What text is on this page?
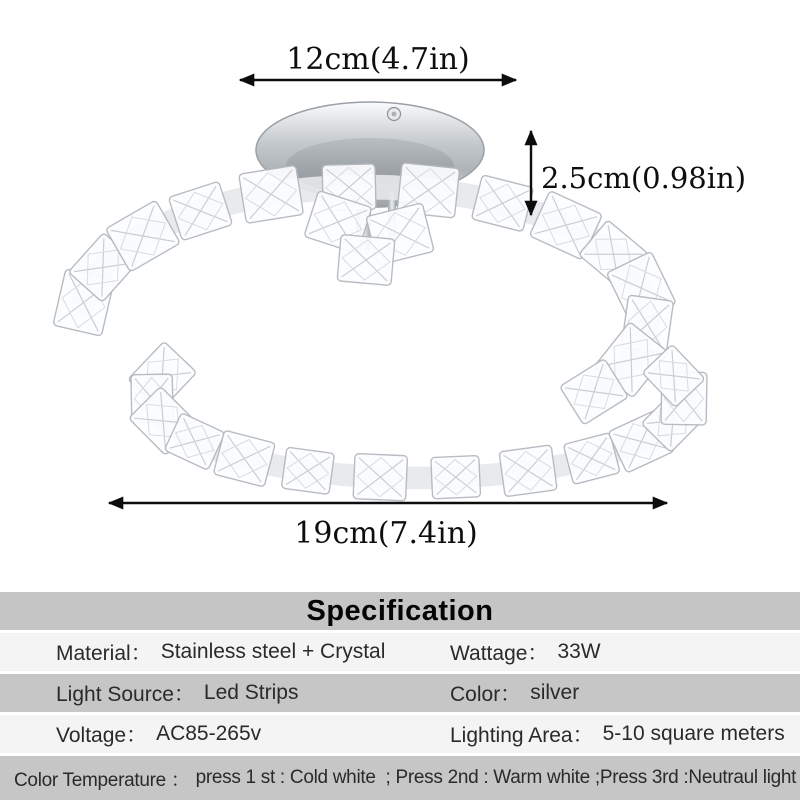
12cm(4.7in)
2.5cm(0.98in)
19cm(7.4in)
Specification
Material： Stainless steel + Crystal	Wattage： 33W
Light Source： Led Strips	Color： silver
Voltage： AC85-265v	Lighting Area： 5-10 square meters
Color Temperature ： press 1 st : Cold white  ; Press 2nd : Warm white ;Press 3rd :Neutraul light
